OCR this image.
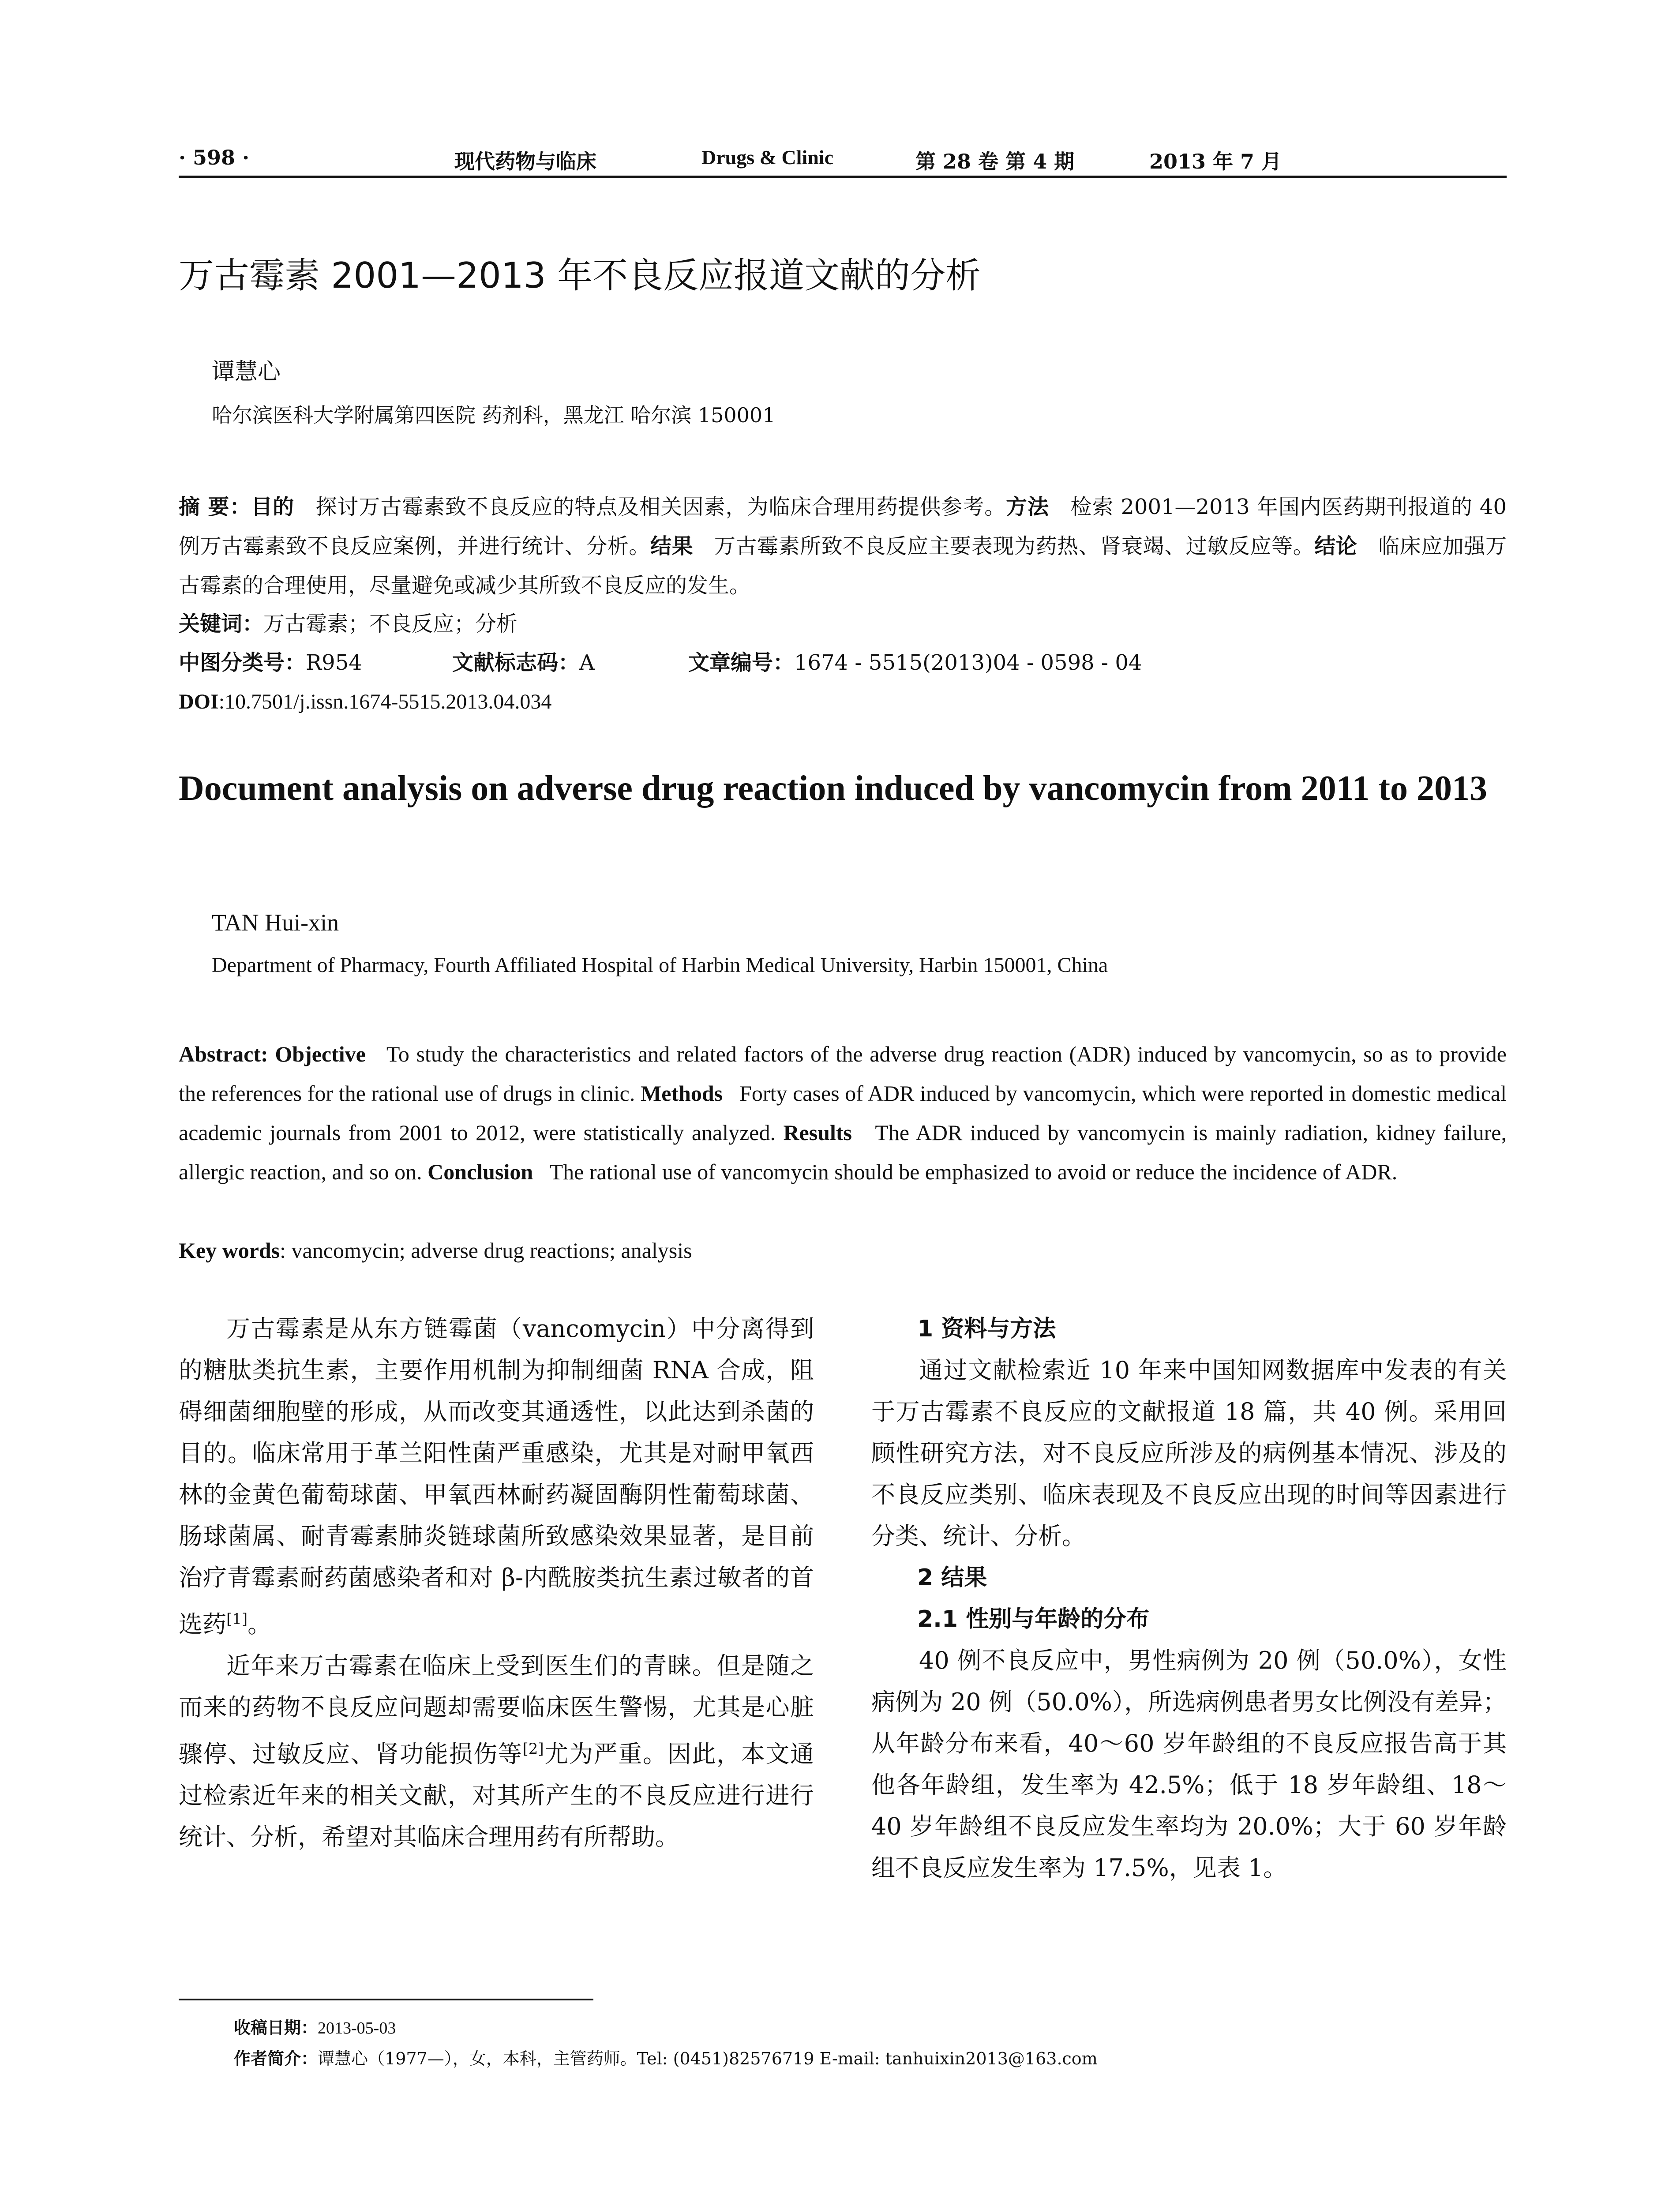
· 598 ·	现代药物与临床	Drugs & Clinic	第 28 卷 第 4 期	2013 年 7 月
万古霉素 2001—2013 年不良反应报道文献的分析
谭慧心
哈尔滨医科大学附属第四医院 药剂科，黑龙江 哈尔滨 150001
摘 要：目的 探讨万古霉素致不良反应的特点及相关因素，为临床合理用药提供参考。方法 检索 2001—2013 年国内医药期刊报道的 40 例万古霉素致不良反应案例，并进行统计、分析。结果 万古霉素所致不良反应主要表现为药热、肾衰竭、过敏反应等。结论 临床应加强万古霉素的合理使用，尽量避免或减少其所致不良反应的发生。
关键词：万古霉素；不良反应；分析
中图分类号：R954	文献标志码：A	文章编号：1674 - 5515(2013)04 - 0598 - 04
DOI:10.7501/j.issn.1674-5515.2013.04.034
Document analysis on adverse drug reaction induced by vancomycin from 2011 to 2013
TAN Hui-xin
Department of Pharmacy, Fourth Affiliated Hospital of Harbin Medical University, Harbin 150001, China
Abstract: Objective To study the characteristics and related factors of the adverse drug reaction (ADR) induced by vancomycin, so as to provide the references for the rational use of drugs in clinic. Methods Forty cases of ADR induced by vancomycin, which were reported in domestic medical academic journals from 2001 to 2012, were statistically analyzed. Results The ADR induced by vancomycin is mainly radiation, kidney failure, allergic reaction, and so on. Conclusion The rational use of vancomycin should be emphasized to avoid or reduce the incidence of ADR.
Key words: vancomycin; adverse drug reactions; analysis

万古霉素是从东方链霉菌（vancomycin）中分离得到的糖肽类抗生素，主要作用机制为抑制细菌 RNA 合成，阻碍细菌细胞壁的形成，从而改变其通透性，以此达到杀菌的目的。临床常用于革兰阳性菌严重感染，尤其是对耐甲氧西林的金黄色葡萄球菌、甲氧西林耐药凝固酶阴性葡萄球菌、肠球菌属、耐青霉素肺炎链球菌所致感染效果显著，是目前治疗青霉素耐药菌感染者和对 β-内酰胺类抗生素过敏者的首选药[1]。

近年来万古霉素在临床上受到医生们的青睐。但是随之而来的药物不良反应问题却需要临床医生警惕，尤其是心脏骤停、过敏反应、肾功能损伤等[2]尤为严重。因此，本文通过检索近年来的相关文献，对其所产生的不良反应进行进行统计、分析，希望对其临床合理用药有所帮助。

1 资料与方法

通过文献检索近 10 年来中国知网数据库中发表的有关于万古霉素不良反应的文献报道 18 篇，共 40 例。采用回顾性研究方法，对不良反应所涉及的病例基本情况、涉及的不良反应类别、临床表现及不良反应出现的时间等因素进行分类、统计、分析。

2 结果

2.1 性别与年龄的分布

40 例不良反应中，男性病例为 20 例（50.0%），女性病例为 20 例（50.0%），所选病例患者男女比例没有差异；从年龄分布来看，40～60 岁年龄组的不良反应报告高于其他各年龄组，发生率为 42.5%；低于 18 岁年龄组、18～40 岁年龄组不良反应发生率均为 20.0%；大于 60 岁年龄组不良反应发生率为 17.5%，见表 1。

收稿日期：2013-05-03
作者简介：谭慧心（1977—），女，本科，主管药师。Tel: (0451)82576719 E-mail: tanhuixin2013@163.com
